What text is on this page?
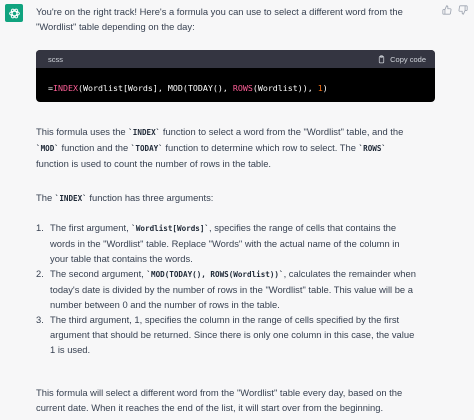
You're on the right track! Here's a formula you can use to select a different word from the

"Wordlist" table depending on the day:

scss	Copy code
=INDEX(Wordlist[Words], MOD(TODAY(), ROWS(Wordlist)), 1)

This formula uses the `INDEX` function to select a word from the "Wordlist" table, and the

`MOD` function and the `TODAY` function to determine which row to select. The `ROWS`

function is used to count the number of rows in the table.

The `INDEX` function has three arguments:
1. The first argument, `Wordlist[Words]`, specifies the range of cells that contains the
words in the "Wordlist" table. Replace "Words" with the actual name of the column in
your table that contains the words.
2. The second argument, `MOD(TODAY(), ROWS(Wordlist))`, calculates the remainder when
today's date is divided by the number of rows in the "Wordlist" table. This value will be a
number between 0 and the number of rows in the table.
3. The third argument, 1, specifies the column in the range of cells specified by the first
argument that should be returned. Since there is only one column in this case, the value
1 is used.
This formula will select a different word from the "Wordlist" table every day, based on the
current date. When it reaches the end of the list, it will start over from the beginning.
